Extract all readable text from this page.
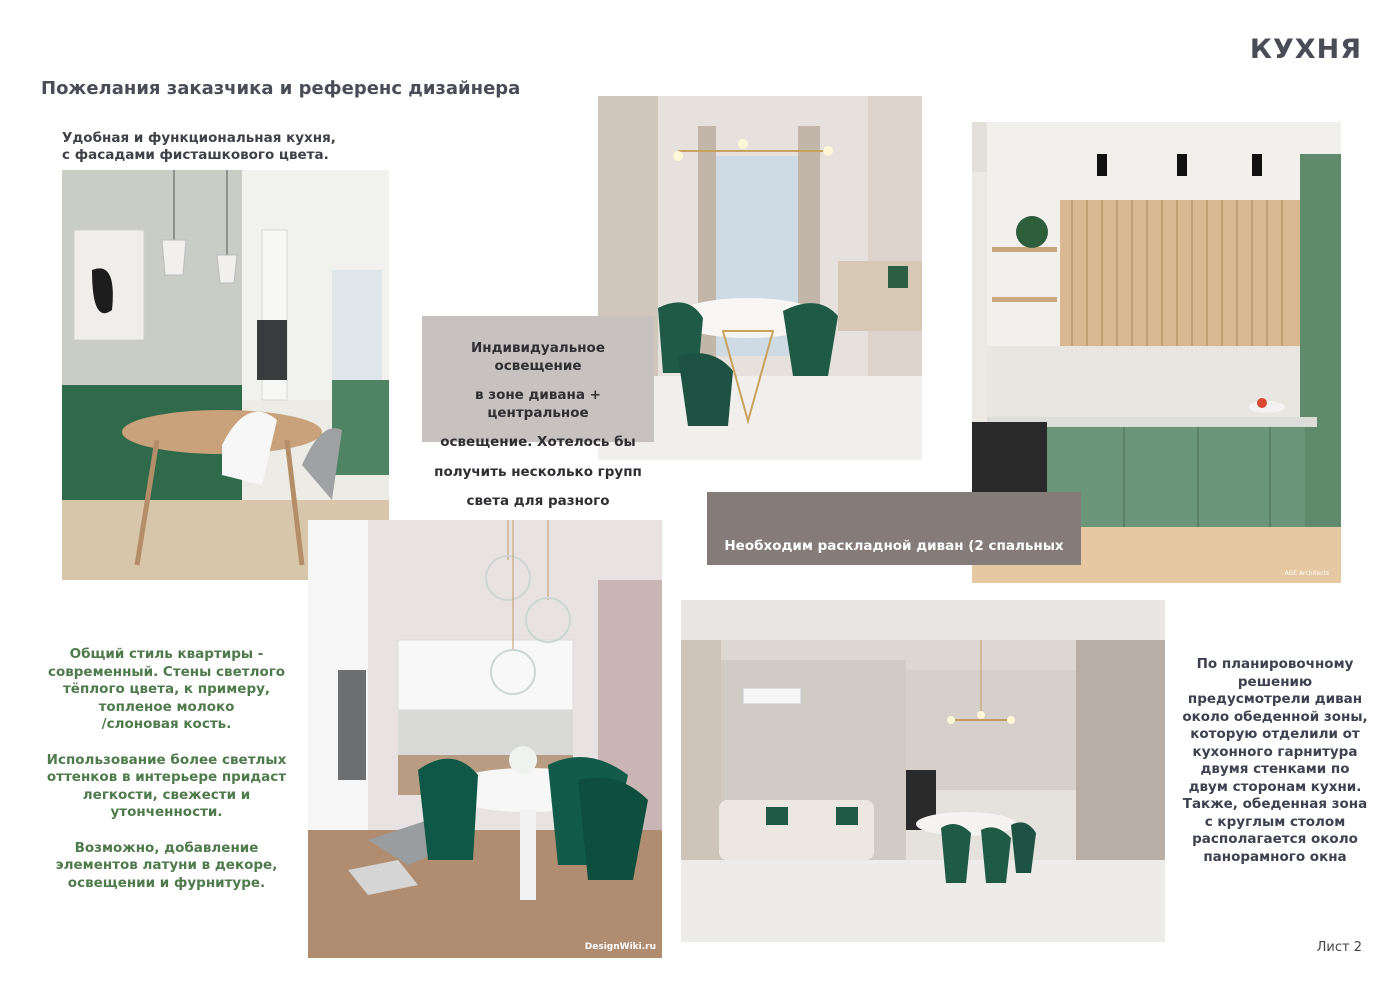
КУХНЯ
Пожелания заказчика и референс дизайнера
Удобная и функциональная кухня,
с фасадами фисташкового цвета.
Индивидуальное освещение
в зоне дивана + центральное
освещение. Хотелось бы
получить несколько групп
света для разного
AGE Architects
Необходим раскладной диван (2 спальных
места), если останутся гости
DesignWiki.ru
Общий стиль квартиры -
современный. Стены светлого
тёплого цвета, к примеру,
топленое молоко
/слоновая кость.
Использование более светлых
оттенков в интерьере придаст
легкости, свежести и
утонченности.
Возможно, добавление
элементов латуни в декоре,
освещении и фурнитуре.
По планировочному
решению
предусмотрели диван
около обеденной зоны,
которую отделили от
кухонного гарнитура
двумя стенками по
двум сторонам кухни.
Также, обеденная зона
с круглым столом
располагается около
панорамного окна
Лист 2
